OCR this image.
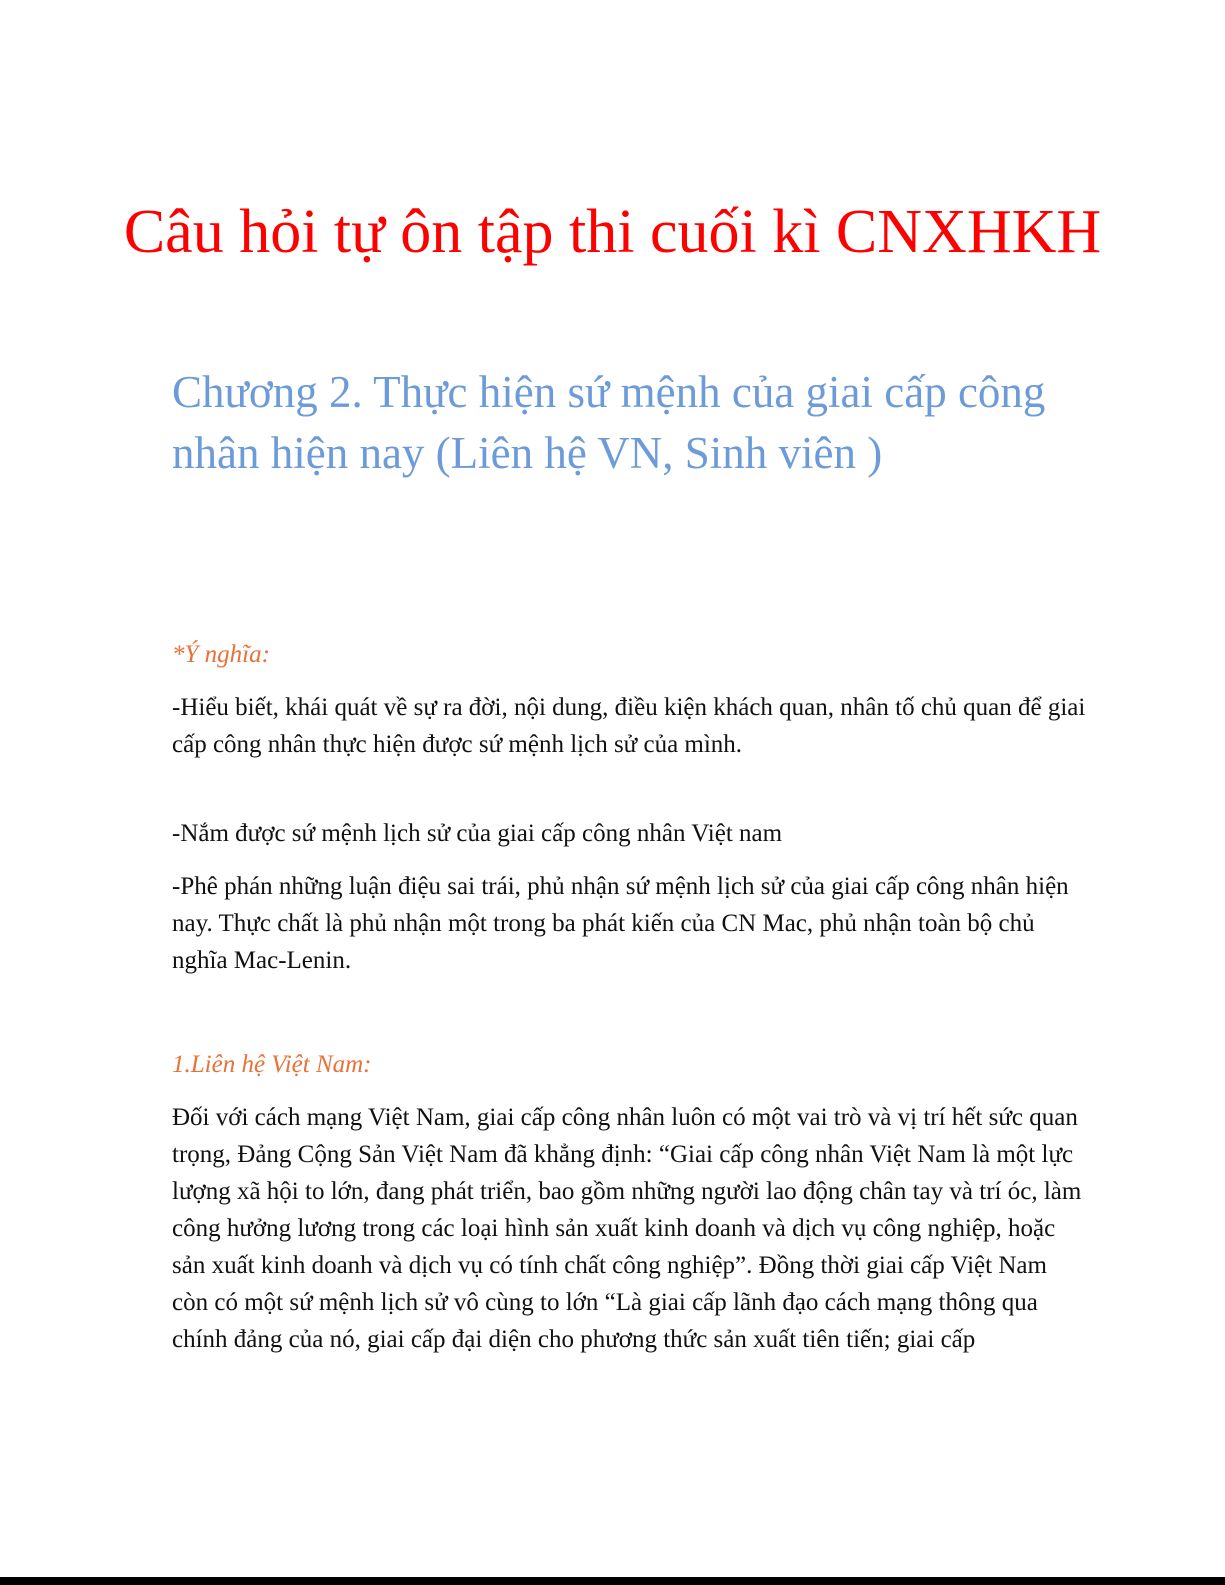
Câu hỏi tự ôn tập thi cuối kì CNXHKH
Chương 2. Thực hiện sứ mệnh của giai cấp công nhân hiện nay (Liên hệ VN, Sinh viên )

*Ý nghĩa:

-Hiểu biết, khái quát về sự ra đời, nội dung, điều kiện khách quan, nhân tố chủ quan để giai cấp công nhân thực hiện được sứ mệnh lịch sử của mình.

-Nắm được sứ mệnh lịch sử của giai cấp công nhân Việt nam

-Phê phán những luận điệu sai trái, phủ nhận sứ mệnh lịch sử của giai cấp công nhân hiện nay. Thực chất là phủ nhận một trong ba phát kiến của CN Mac, phủ nhận toàn bộ chủ nghĩa Mac-Lenin.

1.Liên hệ Việt Nam:

Đối với cách mạng Việt Nam, giai cấp công nhân luôn có một vai trò và vị trí hết sức quan trọng, Đảng Cộng Sản Việt Nam đã khẳng định: “Giai cấp công nhân Việt Nam là một lực lượng xã hội to lớn, đang phát triển, bao gồm những người lao động chân tay và trí óc, làm công hưởng lương trong các loại hình sản xuất kinh doanh và dịch vụ công nghiệp, hoặc sản xuất kinh doanh và dịch vụ có tính chất công nghiệp”. Đồng thời giai cấp Việt Nam còn có một sứ mệnh lịch sử vô cùng to lớn “Là giai cấp lãnh đạo cách mạng thông qua chính đảng của nó, giai cấp đại diện cho phương thức sản xuất tiên tiến; giai cấp
